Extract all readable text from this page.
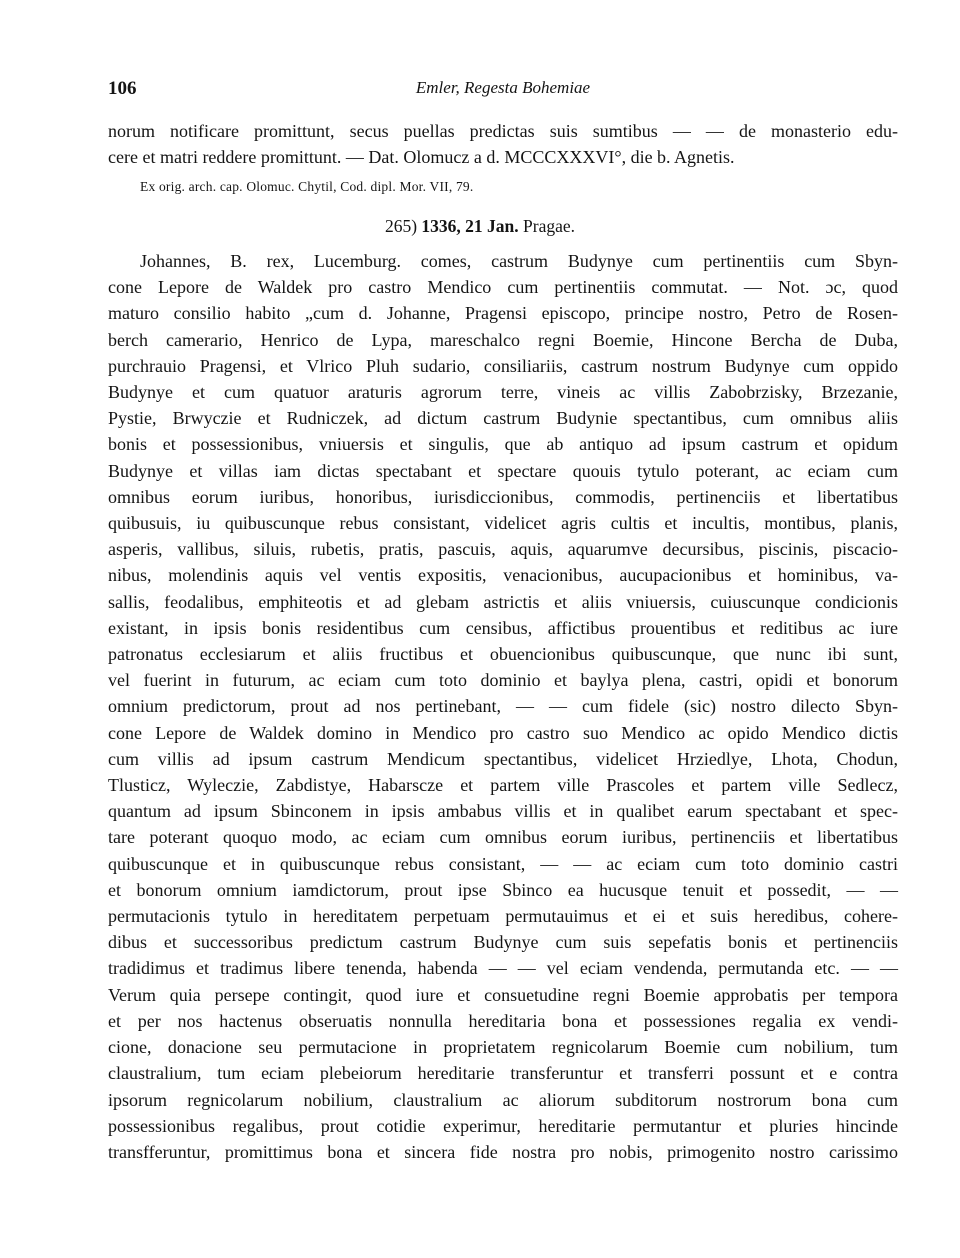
106	Emler, Regesta Bohemiae
norum notificare promittunt, secus puellas predictas suis sumtibus — — de monasterio edu-
cere et matri reddere promittunt. — Dat. Olomucz a d. MCCCXXXVI°, die b. Agnetis.
Ex orig. arch. cap. Olomuc. Chytil, Cod. dipl. Mor. VII, 79.
265) 1336, 21 Jan. Pragae.
Johannes, B. rex, Lucemburg. comes, castrum Budynye cum pertinentiis cum Sbyn-
cone Lepore de Waldek pro castro Mendico cum pertinentiis commutat. — Not. ɔc, quod
maturo consilio habito „cum d. Johanne, Pragensi episcopo, principe nostro, Petro de Rosen-
berch camerario, Henrico de Lypa, mareschalco regni Boemie, Hincone Bercha de Duba,
purchrauio Pragensi, et Vlrico Pluh sudario, consiliariis, castrum nostrum Budynye cum oppido
Budynye et cum quatuor araturis agrorum terre, vineis ac villis Zabobrzisky, Brzezanie,
Pystie, Brwyczie et Rudniczek, ad dictum castrum Budynie spectantibus, cum omnibus aliis
bonis et possessionibus, vniuersis et singulis, que ab antiquo ad ipsum castrum et opidum
Budynye et villas iam dictas spectabant et spectare quouis tytulo poterant, ac eciam cum
omnibus eorum iuribus, honoribus, iurisdiccionibus, commodis, pertinenciis et libertatibus
quibusuis, iu quibuscunque rebus consistant, videlicet agris cultis et incultis, montibus, planis,
asperis, vallibus, siluis, rubetis, pratis, pascuis, aquis, aquarumve decursibus, piscinis, piscacio-
nibus, molendinis aquis vel ventis expositis, venacionibus, aucupacionibus et hominibus, va-
sallis, feodalibus, emphiteotis et ad glebam astrictis et aliis vniuersis, cuiuscunque condicionis
existant, in ipsis bonis residentibus cum censibus, affictibus prouentibus et reditibus ac iure
patronatus ecclesiarum et aliis fructibus et obuencionibus quibuscunque, que nunc ibi sunt,
vel fuerint in futurum, ac eciam cum toto dominio et baylya plena, castri, opidi et bonorum
omnium predictorum, prout ad nos pertinebant, — — cum fidele (sic) nostro dilecto Sbyn-
cone Lepore de Waldek domino in Mendico pro castro suo Mendico ac opido Mendico dictis
cum villis ad ipsum castrum Mendicum spectantibus, videlicet Hrziedlye, Lhota, Chodun,
Tlusticz, Wyleczie, Zabdistye, Habarscze et partem ville Prascoles et partem ville Sedlecz,
quantum ad ipsum Sbinconem in ipsis ambabus villis et in qualibet earum spectabant et spec-
tare poterant quoquo modo, ac eciam cum omnibus eorum iuribus, pertinenciis et libertatibus
quibuscunque et in quibuscunque rebus consistant, — — ac eciam cum toto dominio castri
et bonorum omnium iamdictorum, prout ipse Sbinco ea hucusque tenuit et possedit, — —
permutacionis tytulo in hereditatem perpetuam permutauimus et ei et suis heredibus, cohere-
dibus et successoribus predictum castrum Budynye cum suis sepefatis bonis et pertinenciis
tradidimus et tradimus libere tenenda, habenda — — vel eciam vendenda, permutanda etc. — —
Verum quia persepe contingit, quod iure et consuetudine regni Boemie approbatis per tempora
et per nos hactenus obseruatis nonnulla hereditaria bona et possessiones regalia ex vendi-
cione, donacione seu permutacione in proprietatem regnicolarum Boemie cum nobilium, tum
claustralium, tum eciam plebeiorum hereditarie transferuntur et transferri possunt et e contra
ipsorum regnicolarum nobilium, claustralium ac aliorum subditorum nostrorum bona cum
possessionibus regalibus, prout cotidie experimur, hereditarie permutantur et pluries hincinde
transfferuntur, promittimus bona et sincera fide nostra pro nobis, primogenito nostro carissimo
